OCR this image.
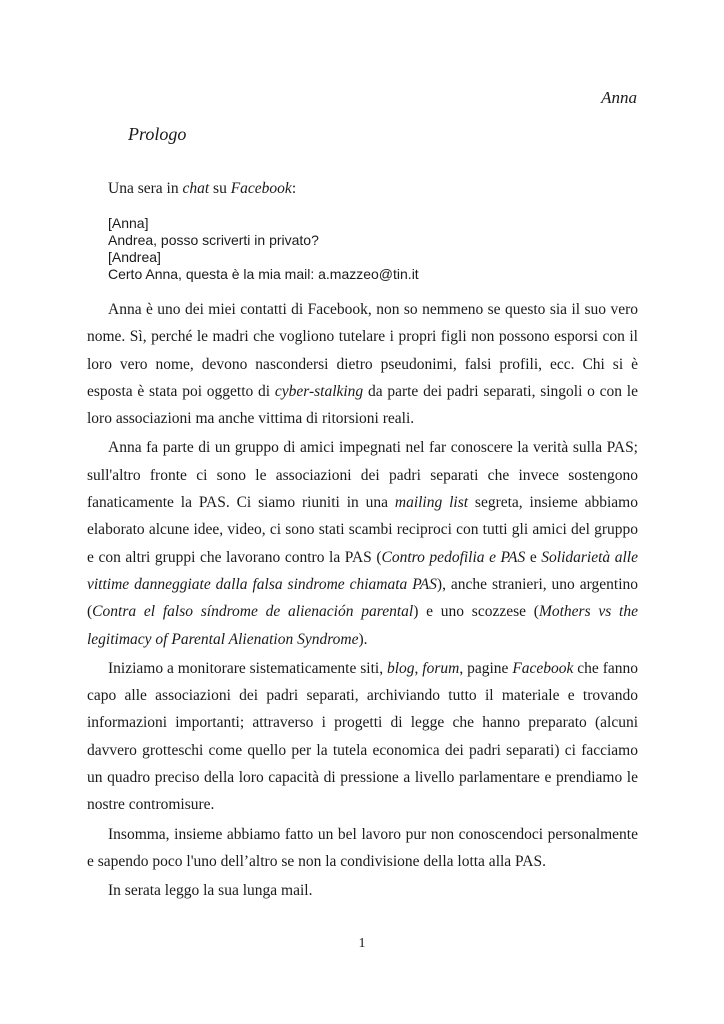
Anna
Prologo
Una sera in chat su Facebook:
[Anna]
Andrea, posso scriverti in privato?
[Andrea]
Certo Anna, questa è la mia mail: a.mazzeo@tin.it

Anna è uno dei miei contatti di Facebook, non so nemmeno se questo sia il suo vero nome. Sì, perché le madri che vogliono tutelare i propri figli non possono esporsi con il loro vero nome, devono nascondersi dietro pseudonimi, falsi profili, ecc. Chi si è esposta è stata poi oggetto di cyber-stalking da parte dei padri separati, singoli o con le loro associazioni ma anche vittima di ritorsioni reali.

Anna fa parte di un gruppo di amici impegnati nel far conoscere la verità sulla PAS; sull'altro fronte ci sono le associazioni dei padri separati che invece sostengono fanaticamente la PAS. Ci siamo riuniti in una mailing list segreta, insieme abbiamo elaborato alcune idee, video, ci sono stati scambi reciproci con tutti gli amici del gruppo e con altri gruppi che lavorano contro la PAS (Contro pedofilia e PAS e Solidarietà alle vittime danneggiate dalla falsa sindrome chiamata PAS), anche stranieri, uno argentino (Contra el falso síndrome de alienación parental) e uno scozzese (Mothers vs the legitimacy of Parental Alienation Syndrome).

Iniziamo a monitorare sistematicamente siti, blog, forum, pagine Facebook che fanno capo alle associazioni dei padri separati, archiviando tutto il materiale e trovando informazioni importanti; attraverso i progetti di legge che hanno preparato (alcuni davvero grotteschi come quello per la tutela economica dei padri separati) ci facciamo un quadro preciso della loro capacità di pressione a livello parlamentare e prendiamo le nostre contromisure.

Insomma, insieme abbiamo fatto un bel lavoro pur non conoscendoci personalmente e sapendo poco l'uno dell’altro se non la condivisione della lotta alla PAS.

In serata leggo la sua lunga mail.

1
